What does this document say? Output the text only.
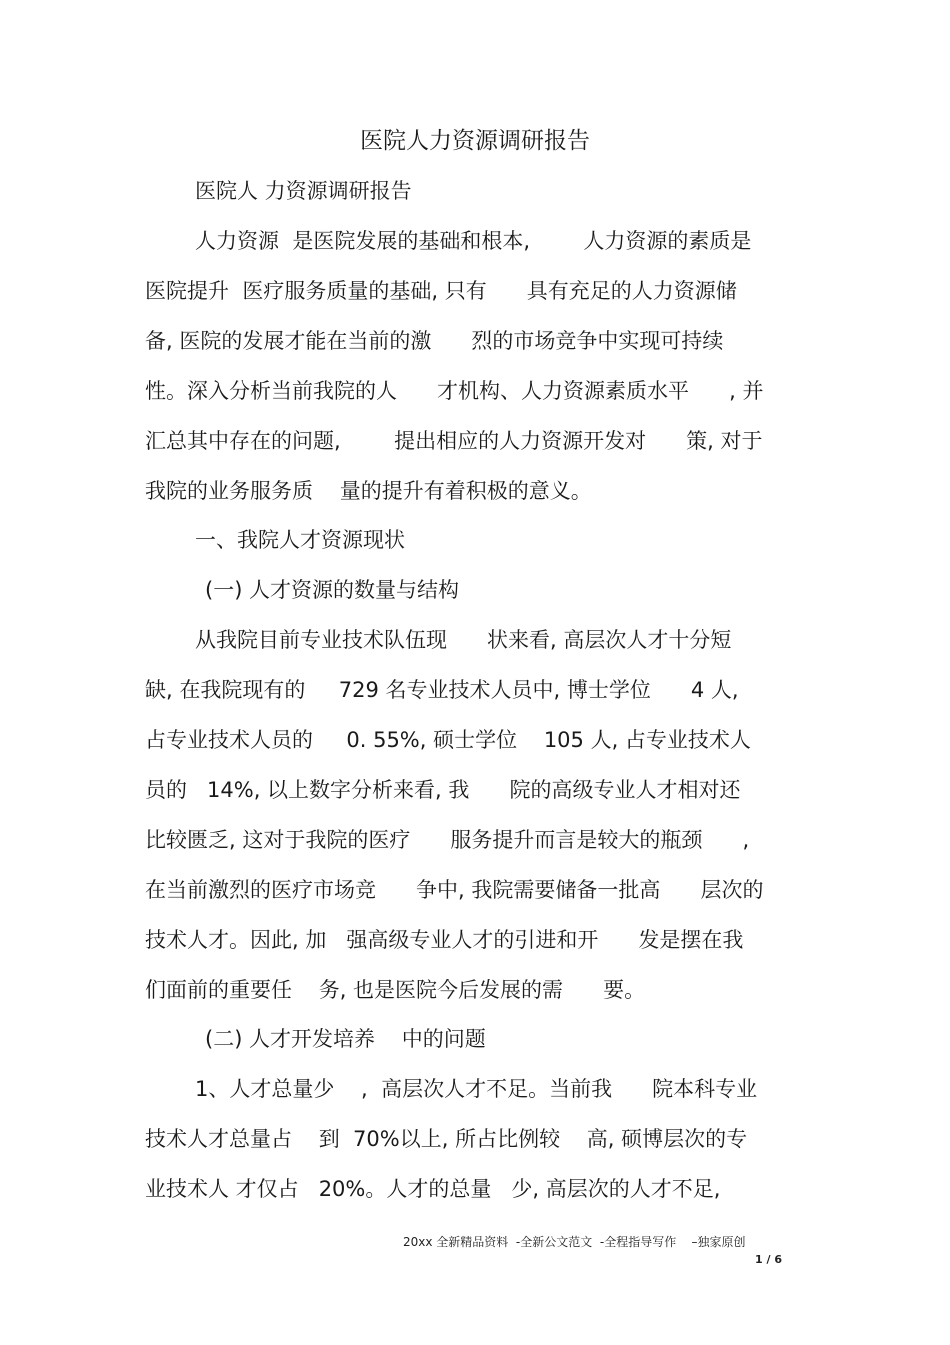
医院人力资源调研报告
医院人 力资源调研报告
人力资源  是医院发展的基础和根本,        人力资源的素质是
医院提升  医疗服务质量的基础, 只有      具有充足的人力资源储
备, 医院的发展才能在当前的激      烈的市场竞争中实现可持续
性。深入分析当前我院的人      才机构、人力资源素质水平      , 并
汇总其中存在的问题,        提出相应的人力资源开发对      策, 对于
我院的业务服务质    量的提升有着积极的意义。
一、我院人才资源现状
(一) 人才资源的数量与结构
从我院目前专业技术队伍现      状来看, 高层次人才十分短
缺, 在我院现有的     729 名专业技术人员中, 博士学位      4 人,
占专业技术人员的     0. 55%, 硕士学位    105 人, 占专业技术人
员的   14%, 以上数字分析来看, 我      院的高级专业人才相对还
比较匮乏, 这对于我院的医疗      服务提升而言是较大的瓶颈      ,
在当前激烈的医疗市场竞      争中, 我院需要储备一批高      层次的
技术人才。因此, 加   强高级专业人才的引进和开      发是摆在我
们面前的重要任    务, 也是医院今后发展的需      要。
(二) 人才开发培养    中的问题
1、人才总量少    ,  高层次人才不足。当前我      院本科专业
技术人才总量占    到  70%以上, 所占比例较    高, 硕博层次的专
业技术人 才仅占   20%。人才的总量   少, 高层次的人才不足,
20xx 全新精品资料  -全新公文范文  -全程指导写作    –独家原创
1 / 6
